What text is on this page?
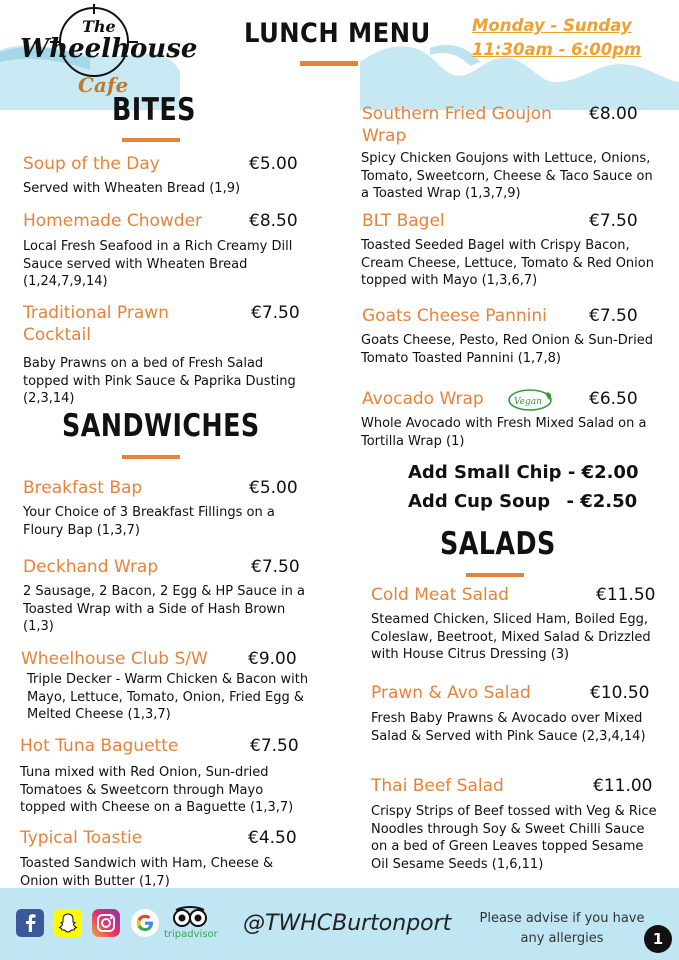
The
Wheelhouse
Cafe
LUNCH MENU	Monday - Sunday
11:30am - 6:00pm
BITES
Soup of the Day	€5.00
Served with Wheaten Bread (1,9)
Homemade Chowder	€8.50
Local Fresh Seafood in a Rich Creamy Dill Sauce served with Wheaten Bread (1,24,7,9,14)
Traditional Prawn Cocktail
€7.50
Baby Prawns on a bed of Fresh Salad topped with Pink Sauce & Paprika Dusting (2,3,14)
SANDWICHES
Breakfast Bap	€5.00
Your Choice of 3 Breakfast Fillings on a Floury Bap (1,3,7)
Deckhand Wrap	€7.50
2 Sausage, 2 Bacon, 2 Egg & HP Sauce in a Toasted Wrap with a Side of Hash Brown (1,3)
Wheelhouse Club S/W €9.00
Triple Decker - Warm Chicken & Bacon with Mayo, Lettuce, Tomato, Onion, Fried Egg & Melted Cheese (1,3,7)
Hot Tuna Baguette	€7.50
Tuna mixed with Red Onion, Sun-dried Tomatoes & Sweetcorn through Mayo topped with Cheese on a Baguette (1,3,7)
Typical Toastie	€4.50
Toasted Sandwich with Ham, Cheese & Onion with Butter (1,7)
Southern Fried Goujon Wrap
€8.00
Spicy Chicken Goujons with Lettuce, Onions, Tomato, Sweetcorn, Cheese & Taco Sauce on a Toasted Wrap (1,3,7,9)
BLT Bagel	€7.50
Toasted Seeded Bagel with Crispy Bacon, Cream Cheese, Lettuce, Tomato & Red Onion topped with Mayo (1,3,6,7)
Goats Cheese Pannini €7.50
Goats Cheese, Pesto, Red Onion & Sun-Dried Tomato Toasted Pannini (1,7,8)
Avocado Wrap	Vegan	€6.50
Whole Avocado with Fresh Mixed Salad on a Tortilla Wrap (1)
Add Small Chip - €2.00
Add Cup Soup - €2.50
SALADS
Cold Meat Salad	€11.50
Steamed Chicken, Sliced Ham, Boiled Egg, Coleslaw, Beetroot, Mixed Salad & Drizzled with House Citrus Dressing (3)
Prawn & Avo Salad	€10.50
Fresh Baby Prawns & Avocado over Mixed Salad & Served with Pink Sauce (2,3,4,14)
Thai Beef Salad	€11.00
Crispy Strips of Beef tossed with Veg & Rice Noodles through Soy & Sweet Chilli Sauce on a bed of Green Leaves topped Sesame Oil Sesame Seeds (1,6,11)
tripadvisor @TWHCBurtonport Please advise if you have any allergies	1
